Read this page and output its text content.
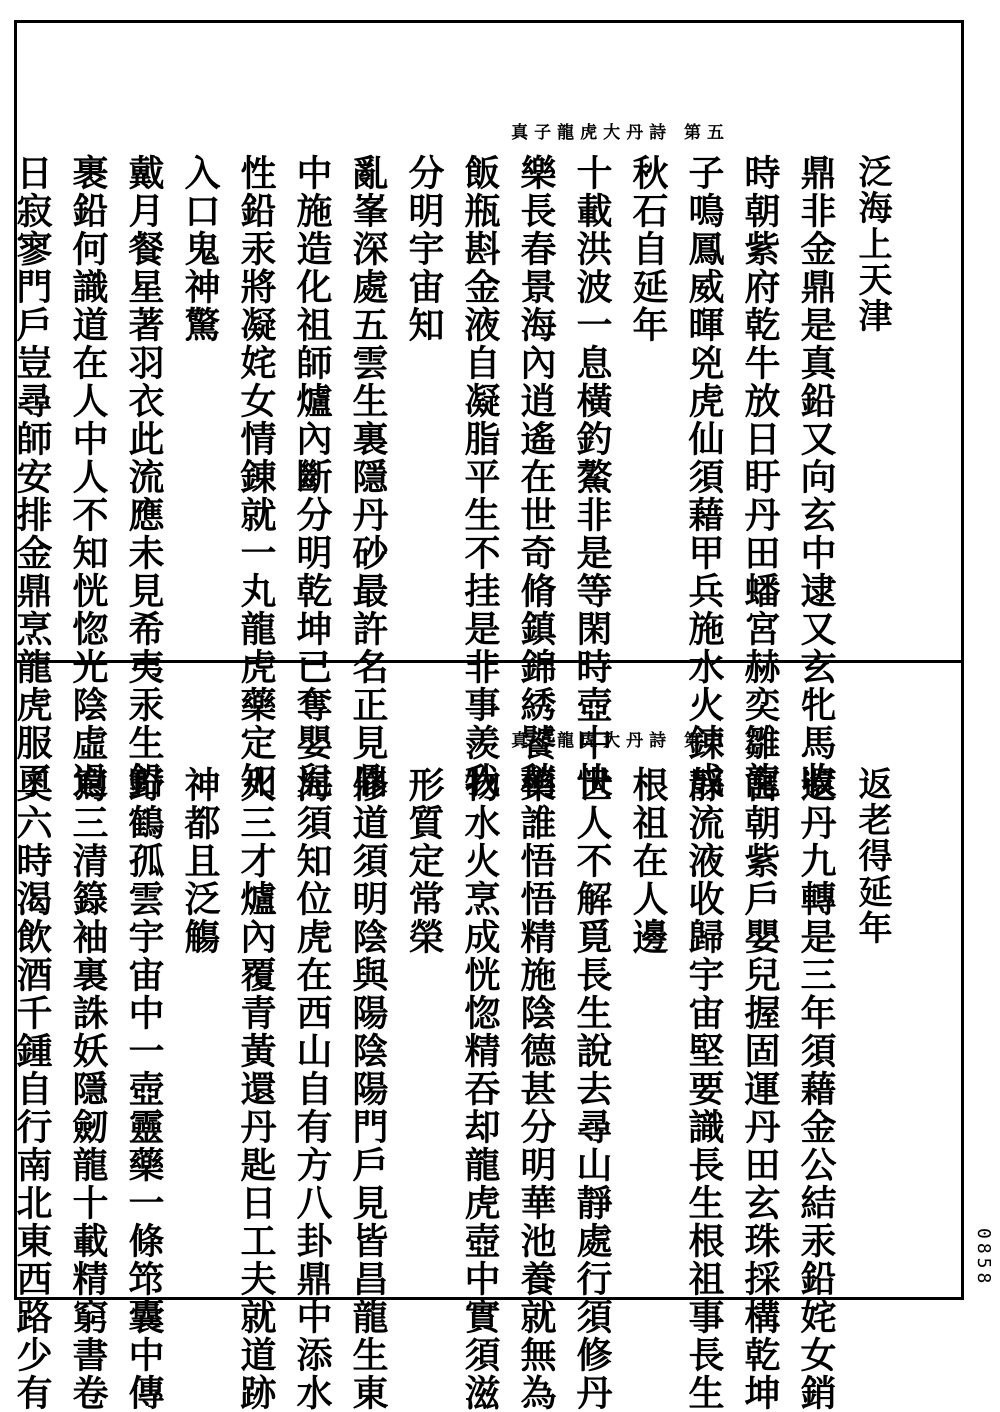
真子龍虎大丹詩 第五
泛海上天津
鼎非金鼎是真鉛又向玄中逮又玄牝馬收
時朝紫府乾牛放日盱丹田蟠宮赫奕雛龍
子鳴鳳威暉兇虎仙須藉甲兵施水火錬成
秋石自延年
十載洪波一息橫釣鰲非是等閑時壺中快
樂長春景海內逍遙在世奇脩鎮錦綉饕稍
飯瓶斟金液自凝脂平生不挂是非事羨我
分明宇宙知
亂峯深處五雲生裏隱丹砂最許名正見鼎
中施造化祖師爐內斷分明乾坤已奪嬰兒
性鉛汞將凝姹女情錬就一丸龍虎藥定知
入口鬼神驚
戴月餐星著羽衣此流應未見希夷汞生鉛
裹鉛何識道在人中人不知恍惚光陰虛過
日寂寥門戶豈尋師安排金鼎烹龍虎服了	真子龍虎大丹詩 第六
返老得延年
還丹九轉是三年須藉金公結汞鉛姹女銷
宮朝紫戶嬰兒握固運丹田玄珠採構乾坤
靜流液收歸宇宙堅要識長生根祖事長生
根祖在人邊
世人不解覓長生說去尋山靜處行須修丹
藥誰悟悟精施陰德甚分明華池養就無為
物水火烹成恍惚精吞却龍虎壺中實須滋
形質定常榮
修道須明陰與陽陰陽門戶見皆昌龍生東
海須知位虎在西山自有方八卦鼎中添水
火三才爐內覆青黃還丹匙日工夫就道跡
神都且泛觴
野鶴孤雲宇宙中一壺靈藥一條筇囊中傳
寫三清籙袖裏誅妖隱劒龍十載精窮書卷
奧六時渴飲酒千鍾自行南北東西路少有	0858
